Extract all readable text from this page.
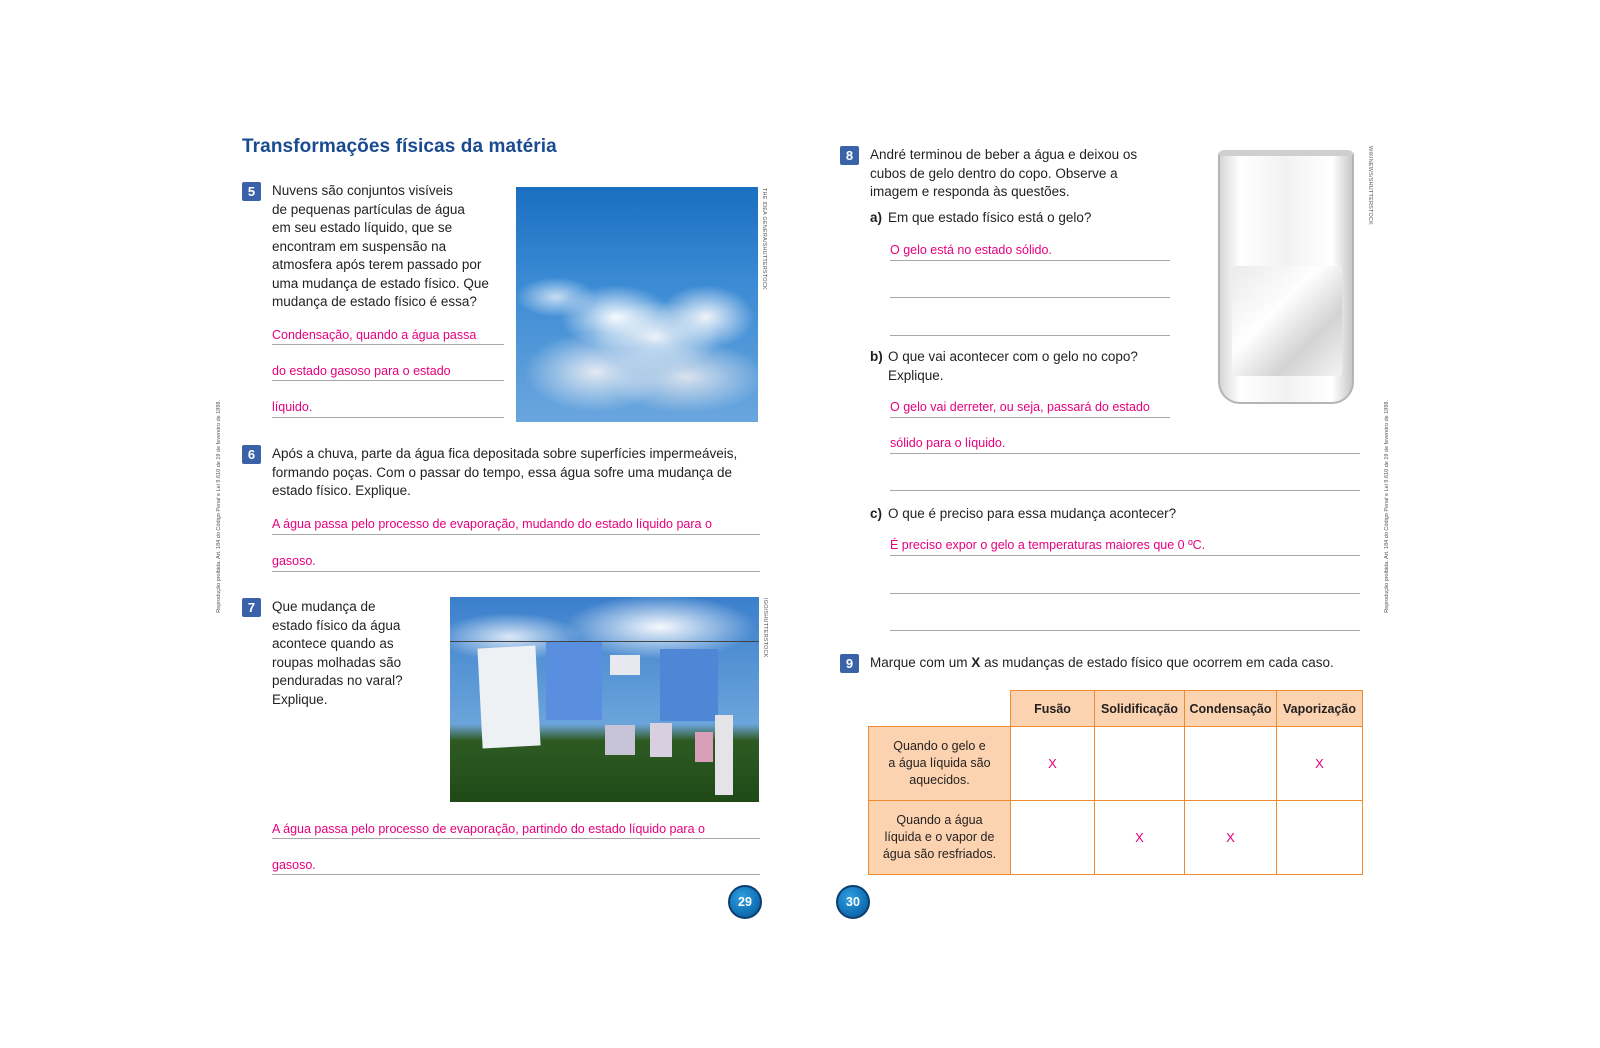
Transformações físicas da matéria
Reprodução proibida. Art. 184 do Código Penal e Lei 9.610 de 19 de fevereiro de 1998.
5	Nuvens são conjuntos visíveis
de pequenas partículas de água
em seu estado líquido, que se
encontram em suspensão na
atmosfera após terem passado por
uma mudança de estado físico. Que
mudança de estado físico é essa?
Condensação, quando a água passa
do estado gasoso para o estado
líquido.
THE IDEA GENERA/SHUTTERSTOCK
6	Após a chuva, parte da água fica depositada sobre superfícies impermeáveis,
formando poças. Com o passar do tempo, essa água sofre uma mudança de
estado físico. Explique.
A água passa pelo processo de evaporação, mudando do estado líquido para o
gasoso.
7	Que mudança de
estado físico da água
acontece quando as
roupas molhadas são
penduradas no varal?
Explique.
IGO/SHUTTERSTOCK
A água passa pelo processo de evaporação, partindo do estado líquido para o
gasoso.
29
Reprodução proibida. Art. 184 do Código Penal e Lei 9.610 de 19 de fevereiro de 1998.
8	André terminou de beber a água e deixou os
cubos de gelo dentro do copo. Observe a
imagem e responda às questões.	WIKINEWS/SHUTTERSTOCK
a) Em que estado físico está o gelo?
O gelo está no estado sólido.
b) O que vai acontecer com o gelo no copo?
Explique.
O gelo vai derreter, ou seja, passará do estado
sólido para o líquido.
c) O que é preciso para essa mudança acontecer?
É preciso expor o gelo a temperaturas maiores que 0 ºC.
9	Marque com um X as mudanças de estado físico que ocorrem em cada caso.
	Fusão	Solidificação	Condensação	Vaporização

Quando o gelo e
a água líquida são
aquecidos.	X			X

Quando a água
líquida e o vapor de
água são resfriados.		X	X	
30
